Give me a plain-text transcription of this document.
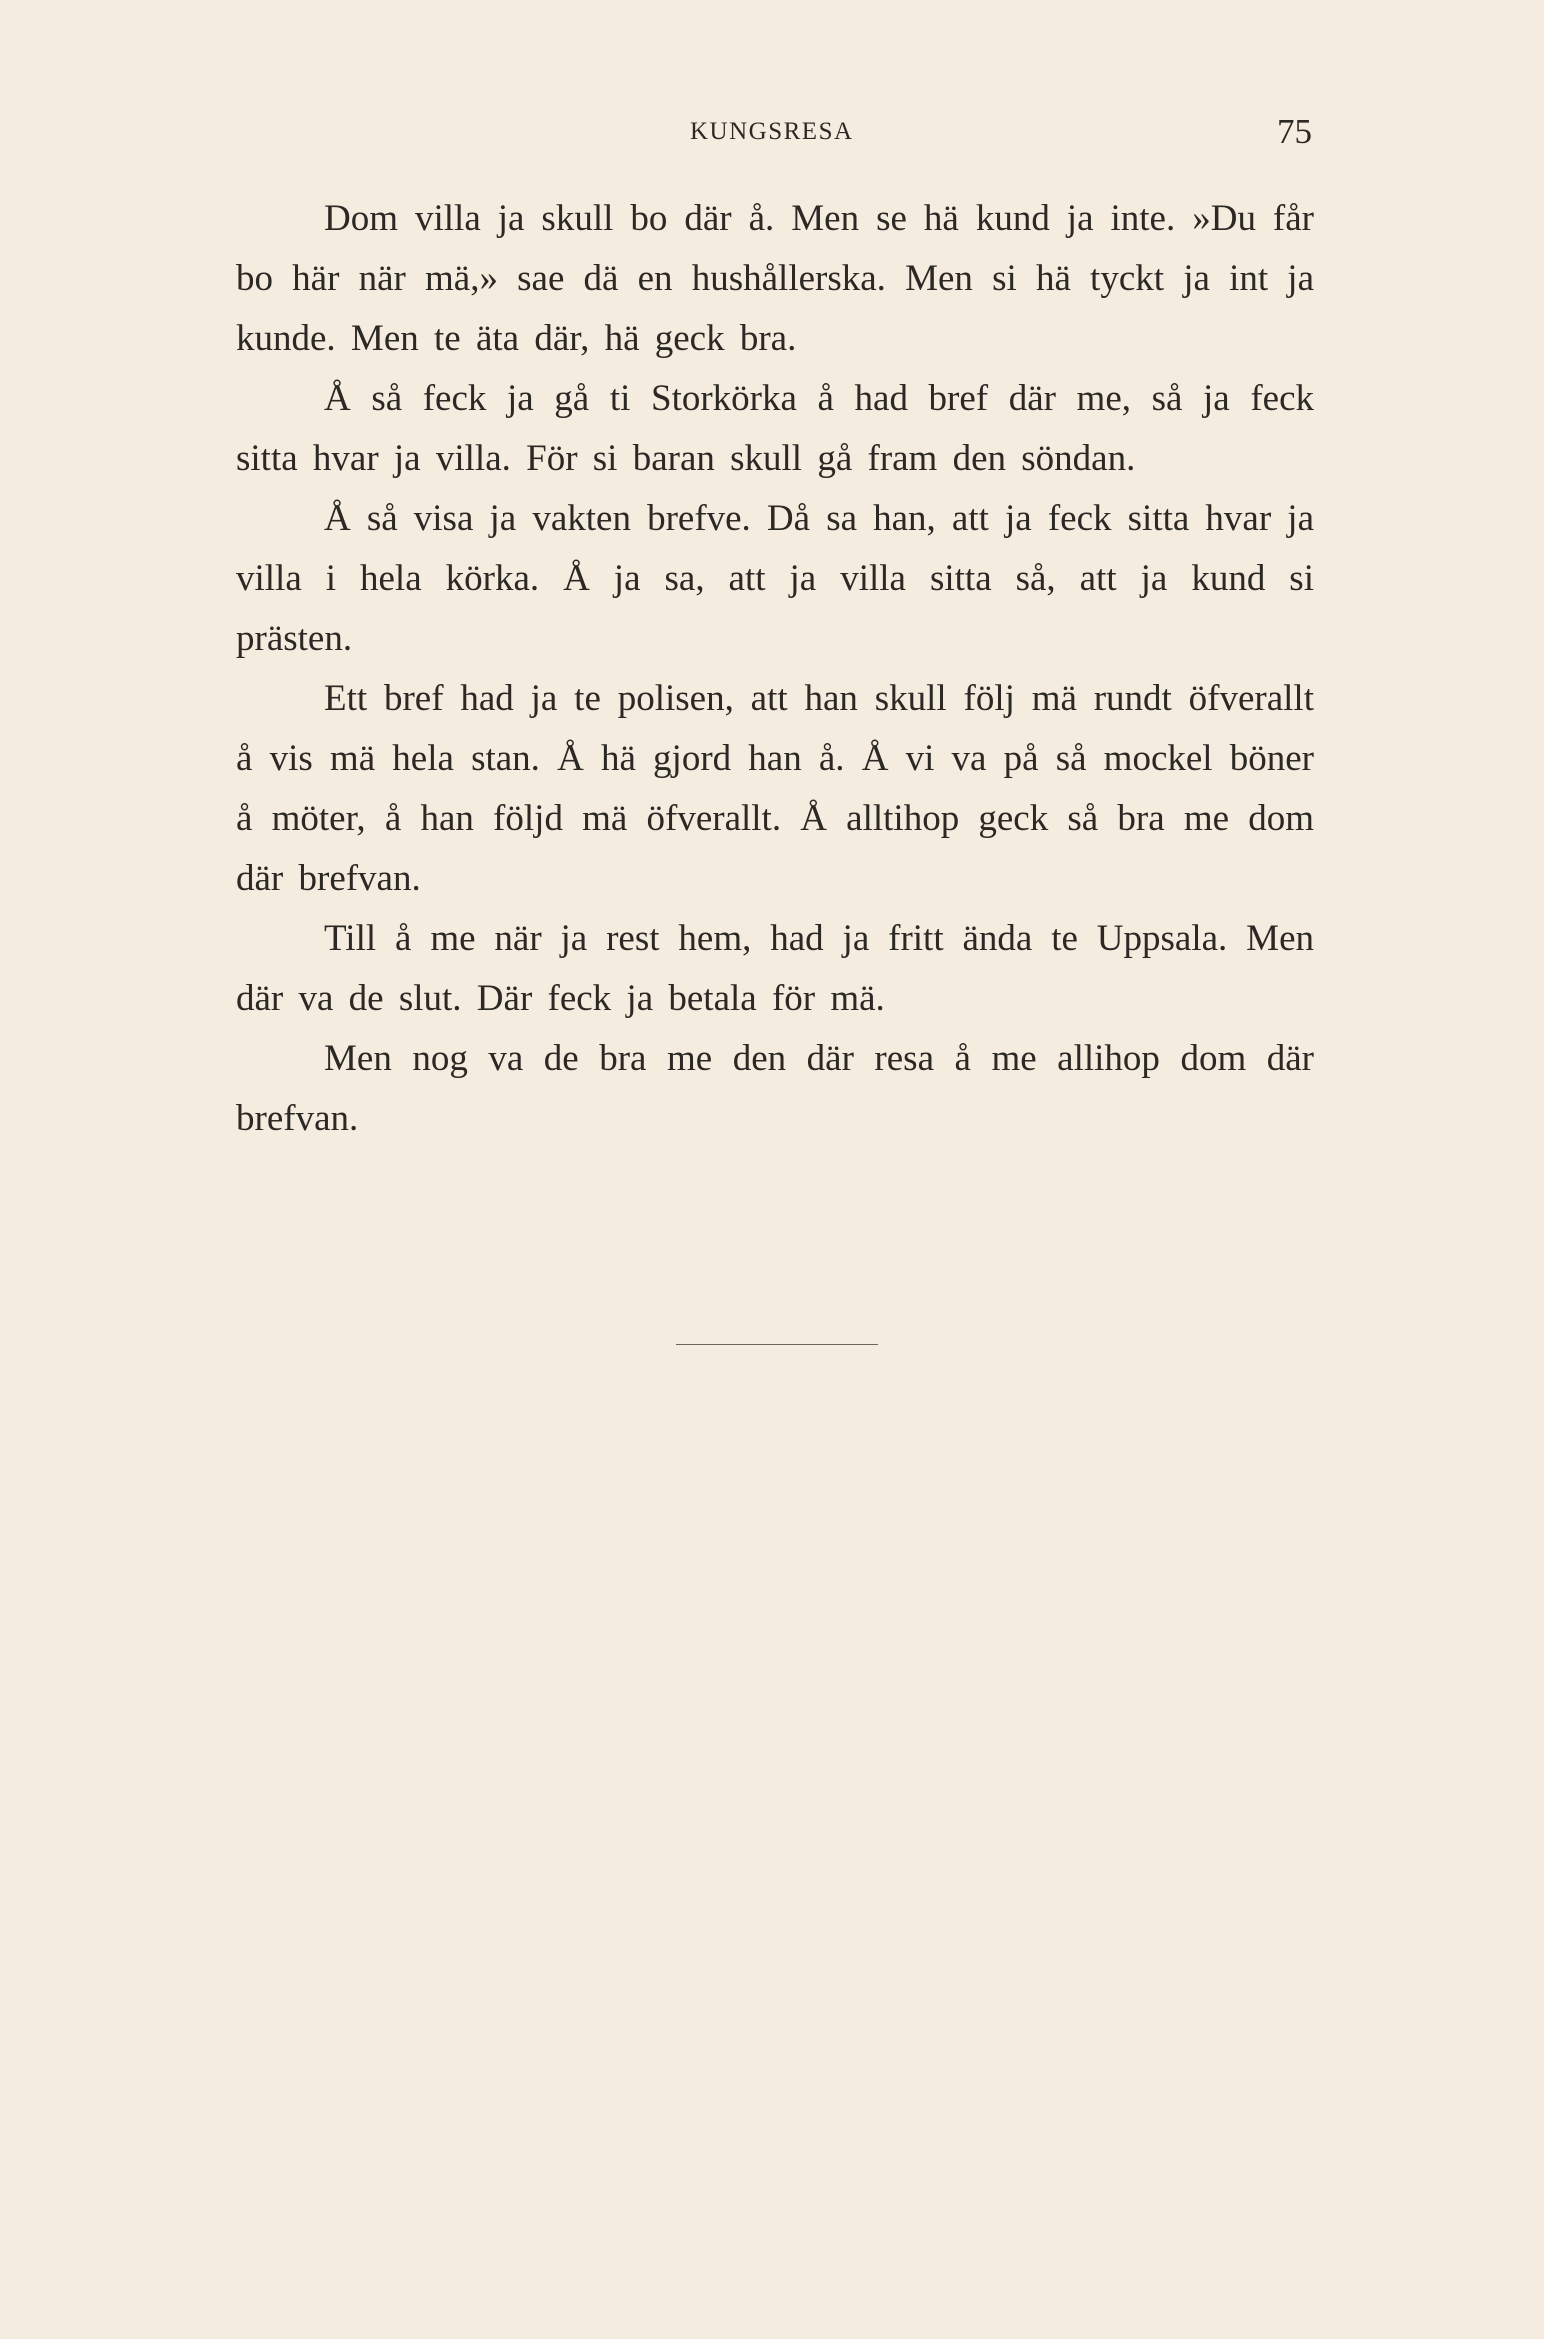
KUNGSRESA	75

Dom villa ja skull bo där å. Men se hä kund ja inte. »Du får bo här när mä,» sae dä en hushållerska. Men si hä tyckt ja int ja kunde. Men te äta där, hä geck bra.

Å så feck ja gå ti Storkörka å had bref där me, så ja feck sitta hvar ja villa. För si baran skull gå fram den söndan.

Å så visa ja vakten brefve. Då sa han, att ja feck sitta hvar ja villa i hela körka. Å ja sa, att ja villa sitta så, att ja kund si prästen.

Ett bref had ja te polisen, att han skull följ mä rundt öfverallt å vis mä hela stan. Å hä gjord han å. Å vi va på så mockel böner å möter, å han följd mä öfverallt. Å alltihop geck så bra me dom där brefvan.

Till å me när ja rest hem, had ja fritt ända te Uppsala. Men där va de slut. Där feck ja betala för mä.

Men nog va de bra me den där resa å me allihop dom där brefvan.
